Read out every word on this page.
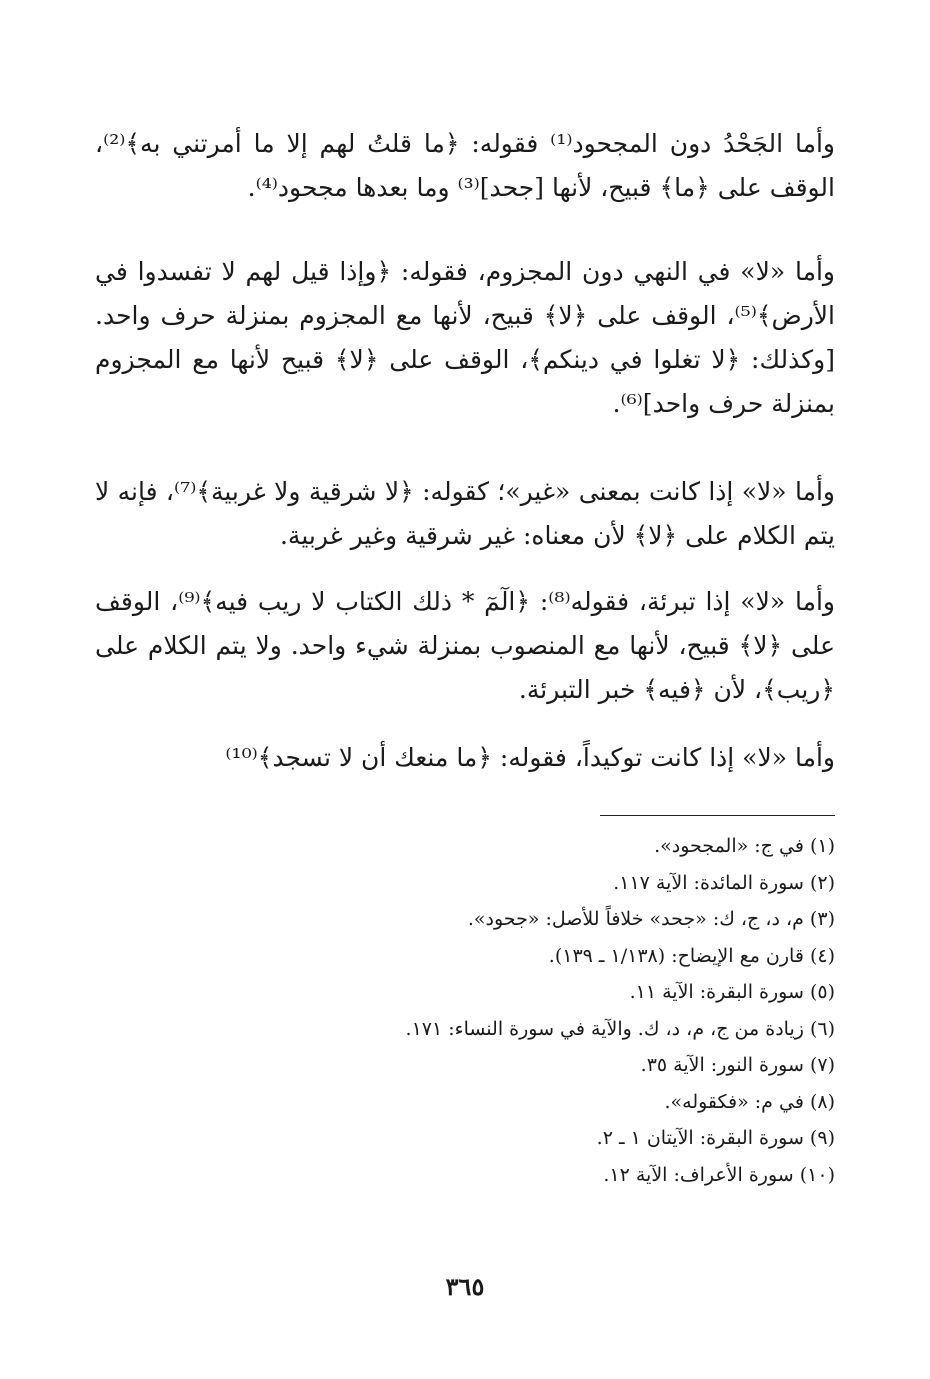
وأما الجَحْدُ دون المجحود⁽¹⁾ فقوله: ﴿ما قلتُ لهم إلا ما أمرتني به﴾⁽²⁾، الوقف على ﴿ما﴾ قبيح، لأنها [جحد]⁽³⁾ وما بعدها مجحود⁽⁴⁾.

وأما «لا» في النهي دون المجزوم، فقوله: ﴿وإذا قيل لهم لا تفسدوا في الأرض﴾⁽⁵⁾، الوقف على ﴿لا﴾ قبيح، لأنها مع المجزوم بمنزلة حرف واحد. [وكذلك: ﴿لا تغلوا في دينكم﴾، الوقف على ﴿لا﴾ قبيح لأنها مع المجزوم بمنزلة حرف واحد]⁽⁶⁾.

وأما «لا» إذا كانت بمعنى «غير»؛ كقوله: ﴿لا شرقية ولا غربية﴾⁽⁷⁾، فإنه لا يتم الكلام على ﴿لا﴾ لأن معناه: غير شرقية وغير غربية.

وأما «لا» إذا تبرئة، فقوله⁽⁸⁾: ﴿الٓمٓ * ذلك الكتاب لا ريب فيه﴾⁽⁹⁾، الوقف على ﴿لا﴾ قبيح، لأنها مع المنصوب بمنزلة شيء واحد. ولا يتم الكلام على ﴿ريب﴾، لأن ﴿فيه﴾ خبر التبرئة.

وأما «لا» إذا كانت توكيداً، فقوله: ﴿ما منعك أن لا تسجد﴾⁽¹⁰⁾

(١) في ج: «المجحود».
(٢) سورة المائدة: الآية ١١٧.
(٣) م، د، ج، ك: «جحد» خلافاً للأصل: «جحود».
(٤) قارن مع الإيضاح: (١/١٣٨ ـ ١٣٩).
(٥) سورة البقرة: الآية ١١.
(٦) زيادة من ج، م، د، ك. والآية في سورة النساء: ١٧١.
(٧) سورة النور: الآية ٣٥.
(٨) في م: «فكقوله».
(٩) سورة البقرة: الآيتان ١ ـ ٢.
(١٠) سورة الأعراف: الآية ١٢.
٣٦٥
